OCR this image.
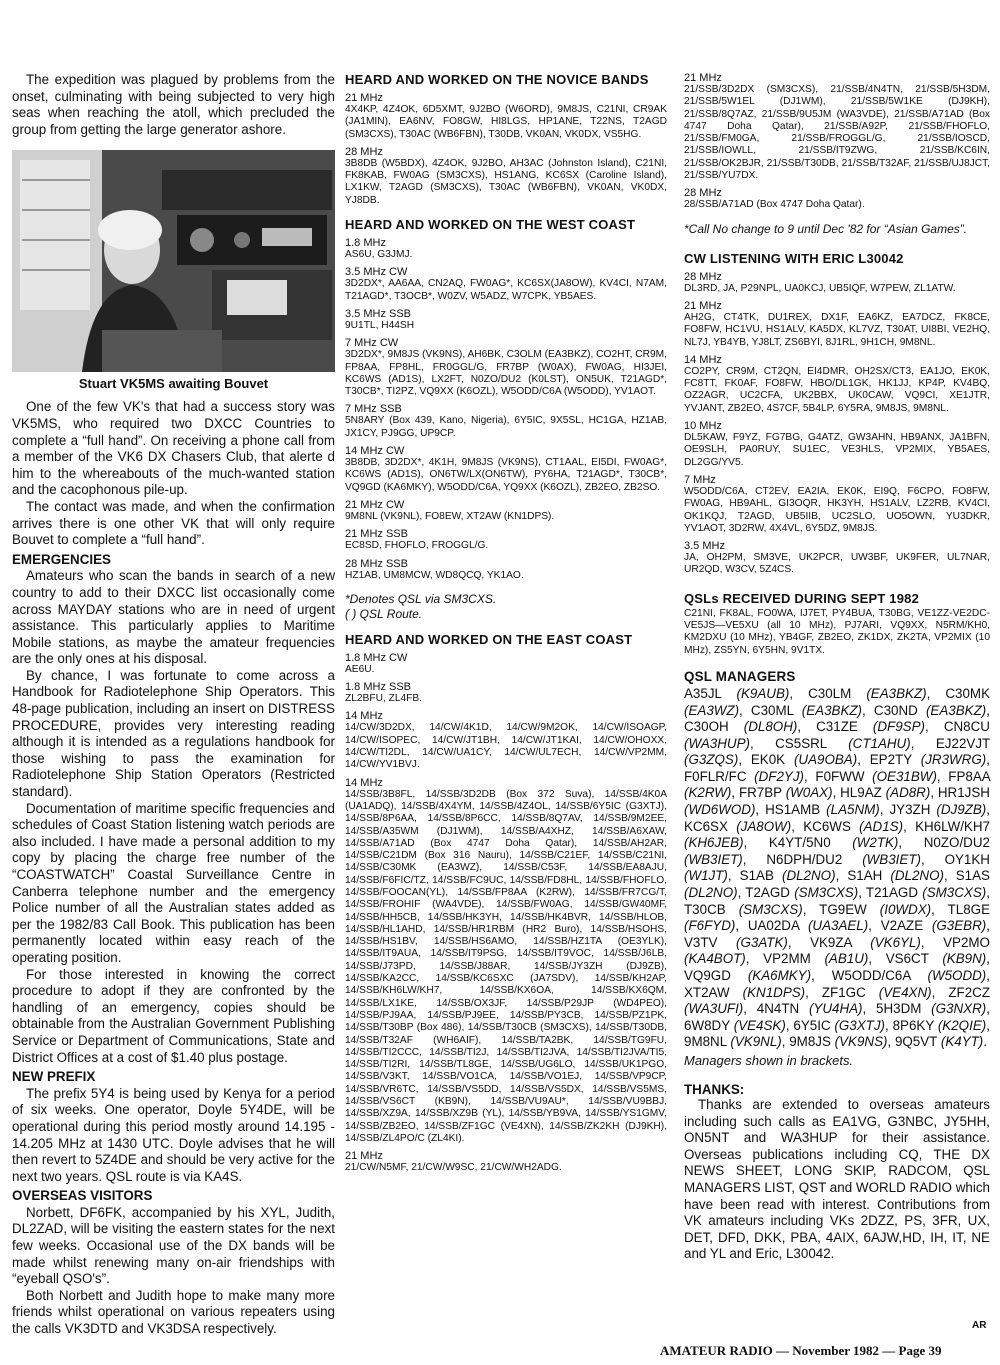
The expedition was plagued by problems from the onset, culminating with being subjected to very high seas when reaching the atoll, which precluded the group from getting the large generator ashore.

Stuart VK5MS awaiting Bouvet

One of the few VK's that had a success story was VK5MS, who required two DXCC Countries to complete a “full hand”. On receiving a phone call from a member of the VK6 DX Chasers Club, that alerte d him to the whereabouts of the much-wanted station and the cacophonous pile-up.

The contact was made, and when the confirmation arrives there is one other VK that will only require Bouvet to complete a “full hand”.

EMERGENCIES

Amateurs who scan the bands in search of a new country to add to their DXCC list occasionally come across MAYDAY stations who are in need of urgent assistance. This particularly applies to Maritime Mobile stations, as maybe the amateur frequencies are the only ones at his disposal.

By chance, I was fortunate to come across a Handbook for Radiotelephone Ship Operators. This 48-page publication, including an insert on DISTRESS PROCEDURE, provides very interesting reading although it is intended as a regulations handbook for those wishing to pass the examination for Radiotelephone Ship Station Operators (Restricted standard).

Documentation of maritime specific frequencies and schedules of Coast Station listening watch periods are also included. I have made a personal addition to my copy by placing the charge free number of the “COASTWATCH” Coastal Surveillance Centre in Canberra telephone number and the emergency Police number of all the Australian states added as per the 1982/83 Call Book. This publication has been permanently located within easy reach of the operating position.

For those interested in knowing the correct procedure to adopt if they are confronted by the handling of an emergency, copies should be obtainable from the Australian Government Publishing Service or Department of Communications, State and District Offices at a cost of $1.40 plus postage.

NEW PREFIX

The prefix 5Y4 is being used by Kenya for a period of six weeks. One operator, Doyle 5Y4DE, will be operational during this period mostly around 14.195 - 14.205 MHz at 1430 UTC. Doyle advises that he will then revert to 5Z4DE and should be very active for the next two years. QSL route is via KA4S.

OVERSEAS VISITORS

Norbett, DF6FK, accompanied by his XYL, Judith, DL2ZAD, will be visiting the eastern states for the next few weeks. Occasional use of the DX bands will be made whilst renewing many on-air friendships with “eyeball QSO's”.

Both Norbett and Judith hope to make many more friends whilst operational on various repeaters using the calls VK3DTD and VK3DSA respectively.

HEARD AND WORKED ON THE NOVICE BANDS
21 MHz

4X4KP, 4Z4OK, 6D5XMT, 9J2BO (W6ORD), 9M8JS, C21NI, CR9AK (JA1MIN), EA6NV, FO8GW, HI8LGS, HP1ANE, T22NS, T2AGD (SM3CXS), T30AC (WB6FBN), T30DB, VK0AN, VK0DX, VS5HG.

28 MHz

3B8DB (W5BDX), 4Z4OK, 9J2BO, AH3AC (Johnston Island), C21NI, FK8KAB, FW0AG (SM3CXS), HS1ANG, KC6SX (Caroline Island), LX1KW, T2AGD (SM3CXS), T30AC (WB6FBN), VK0AN, VK0DX, YJ8DB.

HEARD AND WORKED ON THE WEST COAST
1.8 MHz

AS6U, G3JMJ.

3.5 MHz CW

3D2DX*, AA6AA, CN2AQ, FW0AG*, KC6SX(JA8OW), KV4CI, N7AM, T21AGD*, T3OCB*, W0ZV, W5ADZ, W7CPK, YB5AES.

3.5 MHz SSB

9U1TL, H44SH

7 MHz CW

3D2DX*, 9M8JS (VK9NS), AH6BK, C3OLM (EA3BKZ), CO2HT, CR9M, FP8AA, FP8HL, FR0GGL/G, FR7BP (W0AX), FW0AG, HI3JEI, KC6WS (AD1S), LX2FT, N0ZO/DU2 (K0LST), ON5UK, T21AGD*, T30CB*, TI2PZ, VQ9XX (K6OZL), W5ODD/C6A (W5ODD), YV1AOT.

7 MHz SSB

5N8ARY (Box 439, Kano, Nigeria), 6Y5IC, 9X5SL, HC1GA, HZ1AB, JX1CY, PJ9GG, UP9CP.

14 MHz CW

3B8DB, 3D2DX*, 4K1H, 9M8JS (VK9NS), CT1AAL, EI5DI, FW0AG*, KC6WS (AD1S), ON6TW/LX(ON6TW), PY6HA, T21AGD*, T30CB*, VQ9GD (KA6MKY), W5ODD/C6A, YQ9XX (K6OZL), ZB2EO, ZB2SO.

21 MHz CW

9M8NL (VK9NL), FO8EW, XT2AW (KN1DPS).

21 MHz SSB

EC8SD, FHOFLO, FROGGL/G.

28 MHz SSB

HZ1AB, UM8MCW, WD8QCQ, YK1AO.

*Denotes QSL via SM3CXS.
( ) QSL Route.
HEARD AND WORKED ON THE EAST COAST
1.8 MHz CW

AE6U.

1.8 MHz SSB

ZL2BFU, ZL4FB.

14 MHz

14/CW/3D2DX, 14/CW/4K1D, 14/CW/9M2OK, 14/CW/ISOAGP, 14/CW/ISOPEC, 14/CW/JT1BH, 14/CW/JT1KAI, 14/CW/OHOXX, 14/CW/TI2DL, 14/CW/UA1CY, 14/CW/UL7ECH, 14/CW/VP2MM, 14/CW/YV1BVJ.

14 MHz

14/SSB/3B8FL, 14/SSB/3D2DB (Box 372 Suva), 14/SSB/4K0A (UA1ADQ), 14/SSB/4X4YM, 14/SSB/4Z4OL, 14/SSB/6Y5IC (G3XTJ), 14/SSB/8P6AA, 14/SSB/8P6CC, 14/SSB/8Q7AV, 14/SSB/9M2EE, 14/SSB/A35WM (DJ1WM), 14/SSB/A4XHZ, 14/SSB/A6XAW, 14/SSB/A71AD (Box 4747 Doha Qatar), 14/SSB/AH2AR, 14/SSB/C21DM (Box 316 Nauru), 14/SSB/C21EF, 14/SSB/C21NI, 14/SSB/C30MK (EA3WZ), 14/SSB/C53F, 14/SSB/EA8AJU, 14/SSB/F6FIC/TZ, 14/SSB/FC9UC, 14/SSB/FD8HL, 14/SSB/FHOFLO, 14/SSB/FOOCAN(YL), 14/SSB/FP8AA (K2RW), 14/SSB/FR7CG/T, 14/SSB/FROHIF (WA4VDE), 14/SSB/FW0AG, 14/SSB/GW40MF, 14/SSB/HH5CB, 14/SSB/HK3YH, 14/SSB/HK4BVR, 14/SSB/HLOB, 14/SSB/HL1AHD, 14/SSB/HR1RBM (HR2 Buro), 14/SSB/HSOHS, 14/SSB/HS1BV, 14/SSB/HS6AMO, 14/SSB/HZ1TA (OE3YLK), 14/SSB/IT9AUA, 14/SSB/IT9PSG, 14/SSB/IT9VOC, 14/SSB/J6LB, 14/SSB/J73PD, 14/SSB/J88AR, 14/SSB/JY3ZH (DJ9ZB), 14/SSB/KA2CC, 14/SSB/KC6SXC (JA7SDV), 14/SSB/KH2AP, 14/SSB/KH6LW/KH7, 14/SSB/KX6OA, 14/SSB/KX6QM, 14/SSB/LX1KE, 14/SSB/OX3JF, 14/SSB/P29JP (WD4PEO), 14/SSB/PJ9AA, 14/SSB/PJ9EE, 14/SSB/PY3CB, 14/SSB/PZ1PK, 14/SSB/T30BP (Box 486), 14/SSB/T30CB (SM3CXS), 14/SSB/T30DB, 14/SSB/T32AF (WH6AIF), 14/SSB/TA2BK, 14/SSB/TG9FU, 14/SSB/TI2CCC, 14/SSB/TI2J, 14/SSB/TI2JVA, 14/SSB/TI2JVA/TI5, 14/SSB/TI2RI, 14/SSB/TL8GE, 14/SSB/UG6LO, 14/SSB/UK1PGO, 14/SSB/V3KT, 14/SSB/VO1CA, 14/SSB/VO1EJ, 14/SSB/VP9CP, 14/SSB/VR6TC, 14/SSB/VS5DD, 14/SSB/VS5DX, 14/SSB/VS5MS, 14/SSB/VS6CT (KB9N), 14/SSB/VU9AU*, 14/SSB/VU9BBJ, 14/SSB/XZ9A, 14/SSB/XZ9B (YL), 14/SSB/YB9VA, 14/SSB/YS1GMV, 14/SSB/ZB2EO, 14/SSB/ZF1GC (VE4XN), 14/SSB/ZK2KH (DJ9KH), 14/SSB/ZL4PO/C (ZL4KI).

21 MHz

21/CW/N5MF, 21/CW/W9SC, 21/CW/WH2ADG.

21 MHz

21/SSB/3D2DX (SM3CXS), 21/SSB/4N4TN, 21/SSB/5H3DM, 21/SSB/5W1EL (DJ1WM), 21/SSB/5W1KE (DJ9KH), 21/SSB/8Q7AZ, 21/SSB/9U5JM (WA3VDE), 21/SSB/A71AD (Box 4747 Doha Qatar), 21/SSB/A92P, 21/SSB/FHOFLO, 21/SSB/FM0GA, 21/SSB/FROGGL/G, 21/SSB/IOSCD, 21/SSB/IOWLL, 21/SSB/IT9ZWG, 21/SSB/KC6IN, 21/SSB/OK2BJR, 21/SSB/T30DB, 21/SSB/T32AF, 21/SSB/UJ8JCT, 21/SSB/YU7DX.

28 MHz

28/SSB/A71AD (Box 4747 Doha Qatar).

*Call No change to 9 until Dec '82 for “Asian Games”.
CW LISTENING WITH ERIC L30042
28 MHz

DL3RD, JA, P29NPL, UA0KCJ, UB5IQF, W7PEW, ZL1ATW.

21 MHz

AH2G, CT4TK, DU1REX, DX1F, EA6KZ, EA7DCZ, FK8CE, FO8FW, HC1VU, HS1ALV, KA5DX, KL7VZ, T30AT, UI8BI, VE2HQ, NL7J, YB4YB, YJ8LT, ZS6BYI, 8J1RL, 9H1CH, 9M8NL.

14 MHz

CO2PY, CR9M, CT2QN, EI4DMR, OH2SX/CT3, EA1JO, EK0K, FC8TT, FK0AF, FO8FW, HBO/DL1GK, HK1JJ, KP4P, KV4BQ, OZ2AGR, UC2CFA, UK2BBX, UK0CAW, VQ9CI, XE1JTR, YVJANT, ZB2EO, 4S7CF, 5B4LP, 6Y5RA, 9M8JS, 9M8NL.

10 MHz

DL5KAW, F9YZ, FG7BG, G4ATZ, GW3AHN, HB9ANX, JA1BFN, OE9SLH, PA0RUY, SU1EC, VE3HLS, VP2MIX, YB5AES, DL2GG/YV5.

7 MHz

W5ODD/C6A, CT2EV, EA2IA, EK0K, EI9Q, F6CPO, FO8FW, FW0AG, HB9AHL, GI3OQR, HK3YH, HS1ALV, LZ2RB, KV4CI, OK1KQJ, T2AGD, UB5IIB, UC2SLO, UO5OWN, YU3DKR, YV1AOT, 3D2RW, 4X4VL, 6Y5DZ, 9M8JS.

3.5 MHz

JA, OH2PM, SM3VE, UK2PCR, UW3BF, UK9FER, UL7NAR, UR2QD, W3CV, 5Z4CS.

QSLs RECEIVED DURING SEPT 1982

C21NI, FK8AL, FO0WA, IJ7ET, PY4BUA, T30BG, VE1ZZ-VE2DC-VE5JS—VE5XU (all 10 MHz), PJ7ARI, VQ9XX, N5RM/KH0, KM2DXU (10 MHz), YB4GF, ZB2EO, ZK1DX, ZK2TA, VP2MIX (10 MHz), ZS5YN, 6Y5HN, 9V1TX.

QSL MANAGERS

A35JL (K9AUB), C30LM (EA3BKZ), C30MK (EA3WZ), C30ML (EA3BKZ), C30ND (EA3BKZ), C30OH (DL8OH), C31ZE (DF9SP), CN8CU (WA3HUP), CS5SRL (CT1AHU), EJ22VJT (G3ZQS), EK0K (UA9OBA), EP2TY (JR3WRG), F0FLR/FC (DF2YJ), F0FWW (OE31BW), FP8AA (K2RW), FR7BP (W0AX), HL9AZ (AD8R), HR1JSH (WD6WOD), HS1AMB (LA5NM), JY3ZH (DJ9ZB), KC6SX (JA8OW), KC6WS (AD1S), KH6LW/KH7 (KH6JEB), K4YT/5N0 (W2TK), N0ZO/DU2 (WB3IET), N6DPH/DU2 (WB3IET), OY1KH (W1JT), S1AB (DL2NO), S1AH (DL2NO), S1AS (DL2NO), T2AGD (SM3CXS), T21AGD (SM3CXS), T30CB (SM3CXS), TG9EW (I0WDX), TL8GE (F6FYD), UA02DA (UA3AEL), V2AZE (G3EBR), V3TV (G3ATK), VK9ZA (VK6YL), VP2MO (KA4BOT), VP2MM (AB1U), VS6CT (KB9N), VQ9GD (KA6MKY), W5ODD/C6A (W5ODD), XT2AW (KN1DPS), ZF1GC (VE4XN), ZF2CZ (WA3UFI), 4N4TN (YU4HA), 5H3DM (G3NXR), 6W8DY (VE4SK), 6Y5IC (G3XTJ), 8P6KY (K2QIE), 9M8NL (VK9NL), 9M8JS (VK9NS), 9Q5VT (K4YT).

Managers shown in brackets.
THANKS:

Thanks are extended to overseas amateurs including such calls as EA1VG, G3NBC, JY5HH, ON5NT and WA3HUP for their assistance. Overseas publications including CQ, THE DX NEWS SHEET, LONG SKIP, RADCOM, QSL MANAGERS LIST, QST and WORLD RADIO which have been read with interest. Contributions from VK amateurs including VKs 2DZZ, PS, 3FR, UX, DET, DFD, DKK, PBA, 4AIX, 6AJW,HD, IH, IT, NE and YL and Eric, L30042.

AR
AMATEUR RADIO — November 1982 — Page 39
